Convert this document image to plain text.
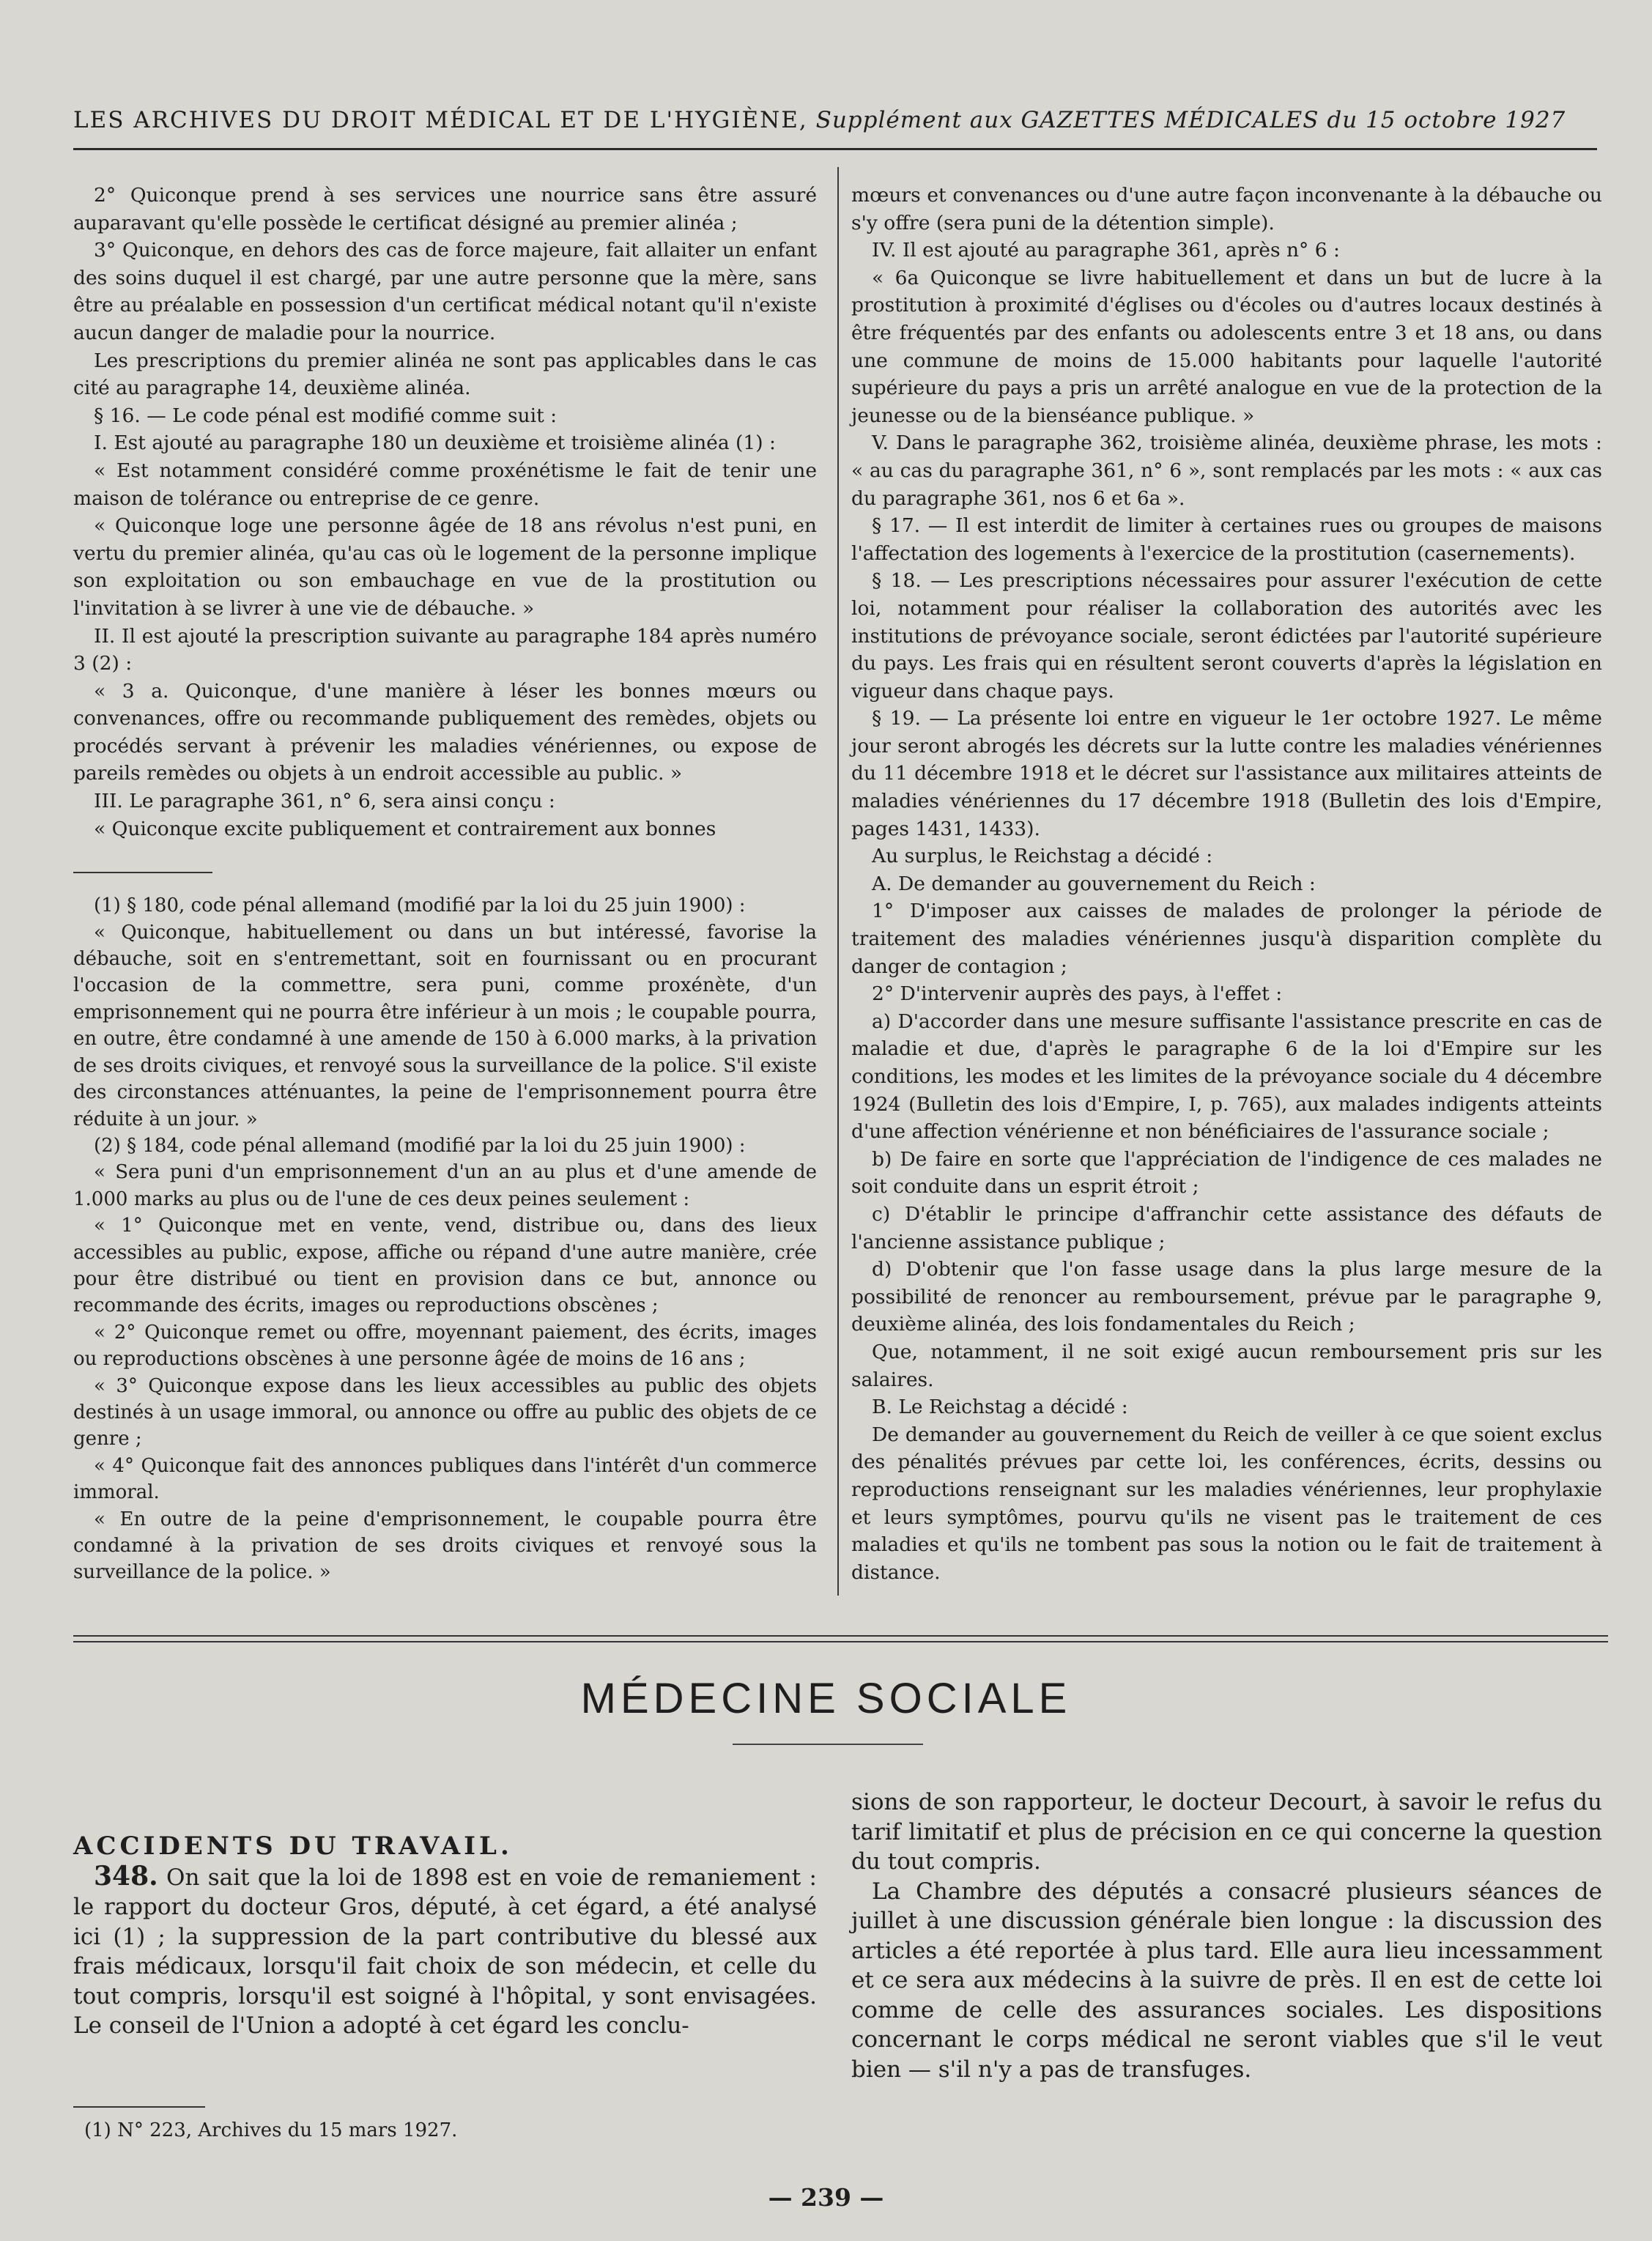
LES ARCHIVES DU DROIT MÉDICAL ET DE L'HYGIÈNE, Supplément aux GAZETTES MÉDICALES du 15 octobre 1927

2° Quiconque prend à ses services une nourrice sans être assuré auparavant qu'elle possède le certificat désigné au premier alinéa ;

3° Quiconque, en dehors des cas de force majeure, fait allaiter un enfant des soins duquel il est chargé, par une autre personne que la mère, sans être au préalable en possession d'un certificat médical notant qu'il n'existe aucun danger de maladie pour la nourrice.

Les prescriptions du premier alinéa ne sont pas applicables dans le cas cité au paragraphe 14, deuxième alinéa.

§ 16. — Le code pénal est modifié comme suit :

I. Est ajouté au paragraphe 180 un deuxième et troisième alinéa (1) :

« Est notamment considéré comme proxénétisme le fait de tenir une maison de tolérance ou entreprise de ce genre.

« Quiconque loge une personne âgée de 18 ans révolus n'est puni, en vertu du premier alinéa, qu'au cas où le logement de la personne implique son exploitation ou son embauchage en vue de la prostitution ou l'invitation à se livrer à une vie de débauche. »

II. Il est ajouté la prescription suivante au paragraphe 184 après numéro 3 (2) :

« 3 a. Quiconque, d'une manière à léser les bonnes mœurs ou convenances, offre ou recommande publiquement des remèdes, objets ou procédés servant à prévenir les maladies vénériennes, ou expose de pareils remèdes ou objets à un endroit accessible au public. »

III. Le paragraphe 361, n° 6, sera ainsi conçu :

« Quiconque excite publiquement et contrairement aux bonnes

(1) § 180, code pénal allemand (modifié par la loi du 25 juin 1900) :

« Quiconque, habituellement ou dans un but intéressé, favorise la débauche, soit en s'entremettant, soit en fournissant ou en procurant l'occasion de la commettre, sera puni, comme proxénète, d'un emprisonnement qui ne pourra être inférieur à un mois ; le coupable pourra, en outre, être condamné à une amende de 150 à 6.000 marks, à la privation de ses droits civiques, et renvoyé sous la surveillance de la police. S'il existe des circonstances atténuantes, la peine de l'emprisonnement pourra être réduite à un jour. »

(2) § 184, code pénal allemand (modifié par la loi du 25 juin 1900) :

« Sera puni d'un emprisonnement d'un an au plus et d'une amende de 1.000 marks au plus ou de l'une de ces deux peines seulement :

« 1° Quiconque met en vente, vend, distribue ou, dans des lieux accessibles au public, expose, affiche ou répand d'une autre manière, crée pour être distribué ou tient en provision dans ce but, annonce ou recommande des écrits, images ou reproductions obscènes ;

« 2° Quiconque remet ou offre, moyennant paiement, des écrits, images ou reproductions obscènes à une personne âgée de moins de 16 ans ;

« 3° Quiconque expose dans les lieux accessibles au public des objets destinés à un usage immoral, ou annonce ou offre au public des objets de ce genre ;

« 4° Quiconque fait des annonces publiques dans l'intérêt d'un commerce immoral.

« En outre de la peine d'emprisonnement, le coupable pourra être condamné à la privation de ses droits civiques et renvoyé sous la surveillance de la police. »

mœurs et convenances ou d'une autre façon inconvenante à la débauche ou s'y offre (sera puni de la détention simple).

IV. Il est ajouté au paragraphe 361, après n° 6 :

« 6a Quiconque se livre habituellement et dans un but de lucre à la prostitution à proximité d'églises ou d'écoles ou d'autres locaux destinés à être fréquentés par des enfants ou adolescents entre 3 et 18 ans, ou dans une commune de moins de 15.000 habitants pour laquelle l'autorité supérieure du pays a pris un arrêté analogue en vue de la protection de la jeunesse ou de la bienséance publique. »

V. Dans le paragraphe 362, troisième alinéa, deuxième phrase, les mots : « au cas du paragraphe 361, n° 6 », sont remplacés par les mots : « aux cas du paragraphe 361, nos 6 et 6a ».

§ 17. — Il est interdit de limiter à certaines rues ou groupes de maisons l'affectation des logements à l'exercice de la prostitution (casernements).

§ 18. — Les prescriptions nécessaires pour assurer l'exécution de cette loi, notamment pour réaliser la collaboration des autorités avec les institutions de prévoyance sociale, seront édictées par l'autorité supérieure du pays. Les frais qui en résultent seront couverts d'après la législation en vigueur dans chaque pays.

§ 19. — La présente loi entre en vigueur le 1er octobre 1927. Le même jour seront abrogés les décrets sur la lutte contre les maladies vénériennes du 11 décembre 1918 et le décret sur l'assistance aux militaires atteints de maladies vénériennes du 17 décembre 1918 (Bulletin des lois d'Empire, pages 1431, 1433).

Au surplus, le Reichstag a décidé :

A. De demander au gouvernement du Reich :

1° D'imposer aux caisses de malades de prolonger la période de traitement des maladies vénériennes jusqu'à disparition complète du danger de contagion ;

2° D'intervenir auprès des pays, à l'effet :

a) D'accorder dans une mesure suffisante l'assistance prescrite en cas de maladie et due, d'après le paragraphe 6 de la loi d'Empire sur les conditions, les modes et les limites de la prévoyance sociale du 4 décembre 1924 (Bulletin des lois d'Empire, I, p. 765), aux malades indigents atteints d'une affection vénérienne et non bénéficiaires de l'assurance sociale ;

b) De faire en sorte que l'appréciation de l'indigence de ces malades ne soit conduite dans un esprit étroit ;

c) D'établir le principe d'affranchir cette assistance des défauts de l'ancienne assistance publique ;

d) D'obtenir que l'on fasse usage dans la plus large mesure de la possibilité de renoncer au remboursement, prévue par le paragraphe 9, deuxième alinéa, des lois fondamentales du Reich ;

Que, notamment, il ne soit exigé aucun remboursement pris sur les salaires.

B. Le Reichstag a décidé :

De demander au gouvernement du Reich de veiller à ce que soient exclus des pénalités prévues par cette loi, les conférences, écrits, dessins ou reproductions renseignant sur les maladies vénériennes, leur prophylaxie et leurs symptômes, pourvu qu'ils ne visent pas le traitement de ces maladies et qu'ils ne tombent pas sous la notion ou le fait de traitement à distance.

MÉDECINE SOCIALE

ACCIDENTS DU TRAVAIL.

348. On sait que la loi de 1898 est en voie de remaniement : le rapport du docteur Gros, député, à cet égard, a été analysé ici (1) ; la suppression de la part contributive du blessé aux frais médicaux, lorsqu'il fait choix de son médecin, et celle du tout compris, lorsqu'il est soigné à l'hôpital, y sont envisagées. Le conseil de l'Union a adopté à cet égard les conclu-

sions de son rapporteur, le docteur Decourt, à savoir le refus du tarif limitatif et plus de précision en ce qui concerne la question du tout compris.

La Chambre des députés a consacré plusieurs séances de juillet à une discussion générale bien longue : la discussion des articles a été reportée à plus tard. Elle aura lieu incessamment et ce sera aux médecins à la suivre de près. Il en est de cette loi comme de celle des assurances sociales. Les dispositions concernant le corps médical ne seront viables que s'il le veut bien — s'il n'y a pas de transfuges.

(1) N° 223, Archives du 15 mars 1927.
— 239 —
